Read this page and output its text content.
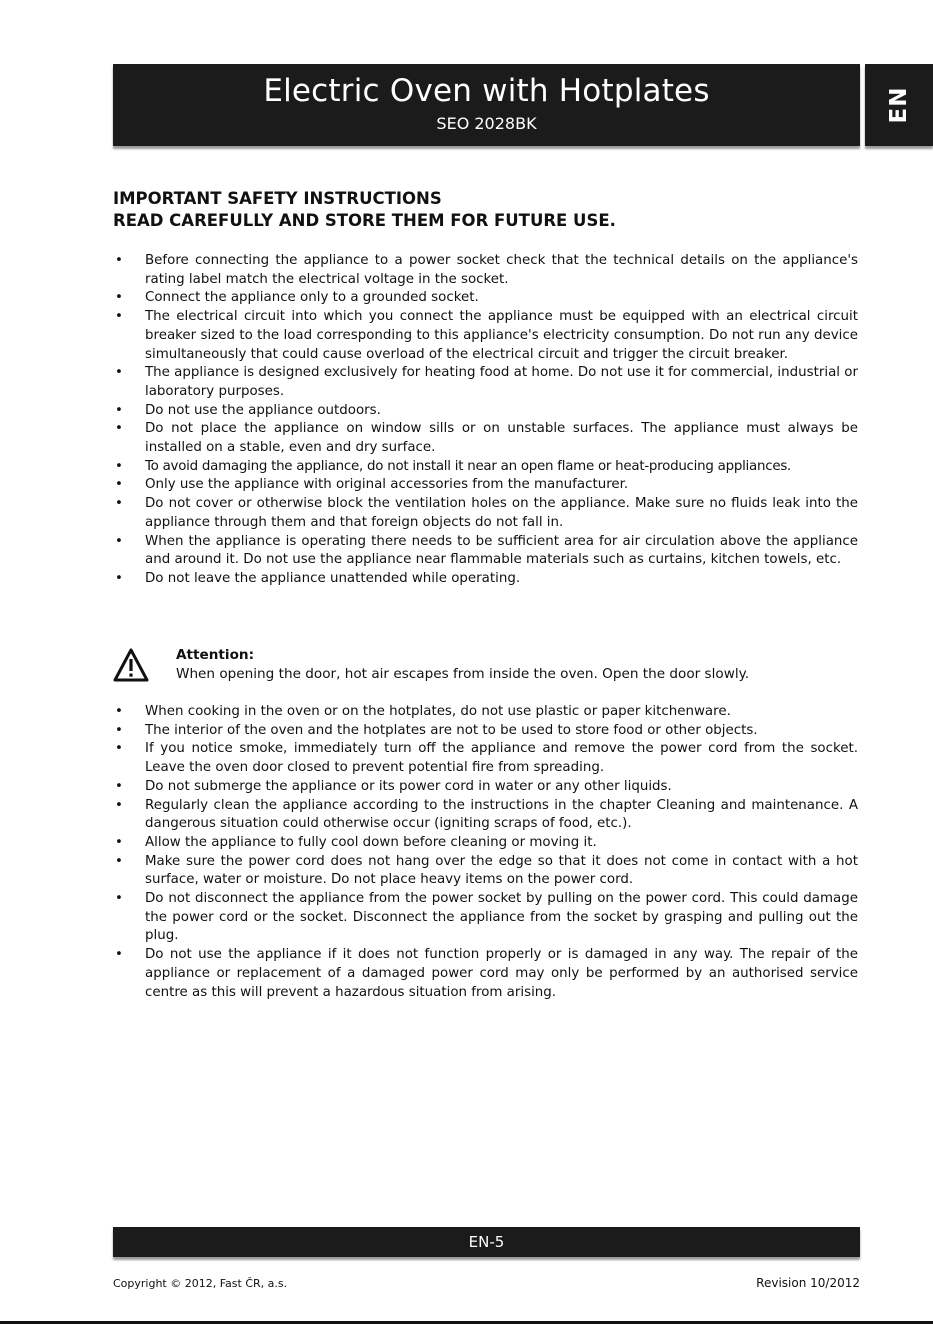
Electric Oven with Hotplates
SEO 2028BK
EN
IMPORTANT SAFETY INSTRUCTIONS
READ CAREFULLY AND STORE THEM FOR FUTURE USE.
• Before connecting the appliance to a power socket check that the technical details on the appliance's rating label match the electrical voltage in the socket.
• Connect the appliance only to a grounded socket.
• The electrical circuit into which you connect the appliance must be equipped with an electrical circuit breaker sized to the load corresponding to this appliance's electricity consumption. Do not run any device simultaneously that could cause overload of the electrical circuit and trigger the circuit breaker.
• The appliance is designed exclusively for heating food at home. Do not use it for commercial, industrial or laboratory purposes.
• Do not use the appliance outdoors.
• Do not place the appliance on window sills or on unstable surfaces. The appliance must always be installed on a stable, even and dry surface.
• To avoid damaging the appliance, do not install it near an open flame or heat-producing appliances.
• Only use the appliance with original accessories from the manufacturer.
• Do not cover or otherwise block the ventilation holes on the appliance. Make sure no fluids leak into the appliance through them and that foreign objects do not fall in.
• When the appliance is operating there needs to be sufficient area for air circulation above the appliance and around it. Do not use the appliance near flammable materials such as curtains, kitchen towels, etc.
• Do not leave the appliance unattended while operating.
Attention:
When opening the door, hot air escapes from inside the oven. Open the door slowly.
• When cooking in the oven or on the hotplates, do not use plastic or paper kitchenware.
• The interior of the oven and the hotplates are not to be used to store food or other objects.
• If you notice smoke, immediately turn off the appliance and remove the power cord from the socket. Leave the oven door closed to prevent potential fire from spreading.
• Do not submerge the appliance or its power cord in water or any other liquids.
• Regularly clean the appliance according to the instructions in the chapter Cleaning and maintenance. A dangerous situation could otherwise occur (igniting scraps of food, etc.).
• Allow the appliance to fully cool down before cleaning or moving it.
• Make sure the power cord does not hang over the edge so that it does not come in contact with a hot surface, water or moisture. Do not place heavy items on the power cord.
• Do not disconnect the appliance from the power socket by pulling on the power cord. This could damage the power cord or the socket. Disconnect the appliance from the socket by grasping and pulling out the plug.
• Do not use the appliance if it does not function properly or is damaged in any way. The repair of the appliance or replacement of a damaged power cord may only be performed by an authorised service centre as this will prevent a hazardous situation from arising.
EN-5
Copyright © 2012, Fast ČR, a.s.	Revision 10/2012
